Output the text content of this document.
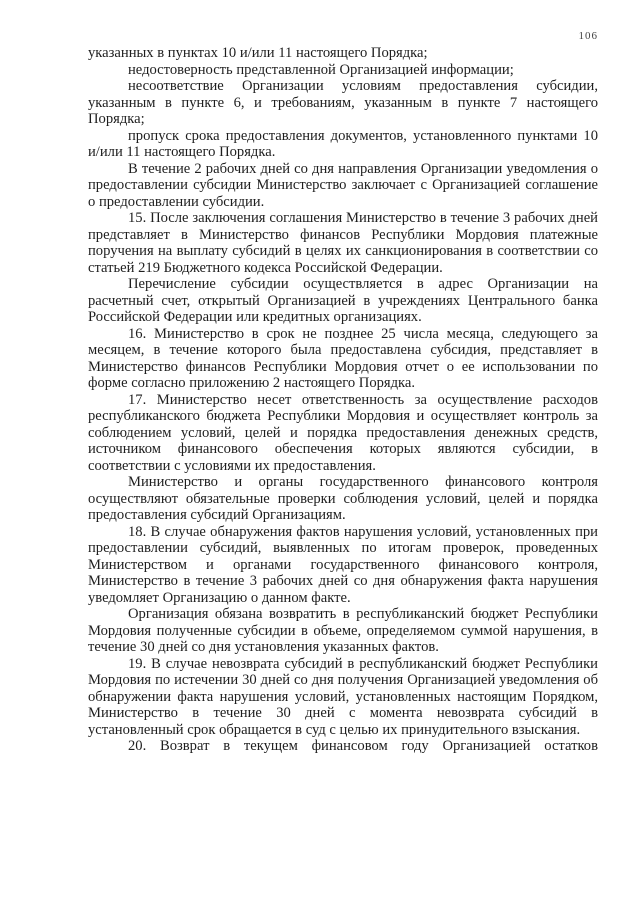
106

указанных в пунктах 10 и/или 11 настоящего Порядка;

недостоверность представленной Организацией информации;

несоответствие Организации условиям предоставления субсидии, указанным в пункте 6, и требованиям, указанным в пункте 7 настоящего Порядка;

пропуск срока предоставления документов, установленного пунктами 10 и/или 11 настоящего Порядка.

В течение 2 рабочих дней со дня направления Организации уведомления о предоставлении субсидии Министерство заключает с Организацией соглашение о предоставлении субсидии.

15. После заключения соглашения Министерство в течение 3 рабочих дней представляет в Министерство финансов Республики Мордовия платежные поручения на выплату субсидий в целях их санкционирования в соответствии со статьей 219 Бюджетного кодекса Российской Федерации.

Перечисление субсидии осуществляется в адрес Организации на расчетный счет, открытый Организацией в учреждениях Центрального банка Российской Федерации или кредитных организациях.

16. Министерство в срок не позднее 25 числа месяца, следующего за месяцем, в течение которого была предоставлена субсидия, представляет в Министерство финансов Республики Мордовия отчет о ее использовании по форме согласно приложению 2 настоящего Порядка.

17. Министерство несет ответственность за осуществление расходов республиканского бюджета Республики Мордовия и осуществляет контроль за соблюдением условий, целей и порядка предоставления денежных средств, источником финансового обеспечения которых являются субсидии, в соответствии с условиями их предоставления.

Министерство и органы государственного финансового контроля осуществляют обязательные проверки соблюдения условий, целей и порядка предоставления субсидий Организациям.

18. В случае обнаружения фактов нарушения условий, установленных при предоставлении субсидий, выявленных по итогам проверок, проведенных Министерством и органами государственного финансового контроля, Министерство в течение 3 рабочих дней со дня обнаружения факта нарушения уведомляет Организацию о данном факте.

Организация обязана возвратить в республиканский бюджет Республики Мордовия полученные субсидии в объеме, определяемом суммой нарушения, в течение 30 дней со дня установления указанных фактов.

19. В случае невозврата субсидий в республиканский бюджет Республики Мордовия по истечении 30 дней со дня получения Организацией уведомления об обнаружении факта нарушения условий, установленных настоящим Порядком, Министерство в течение 30 дней с момента невозврата субсидий в установленный срок обращается в суд с целью их принудительного взыскания.

20. Возврат в текущем финансовом году Организацией остатков
